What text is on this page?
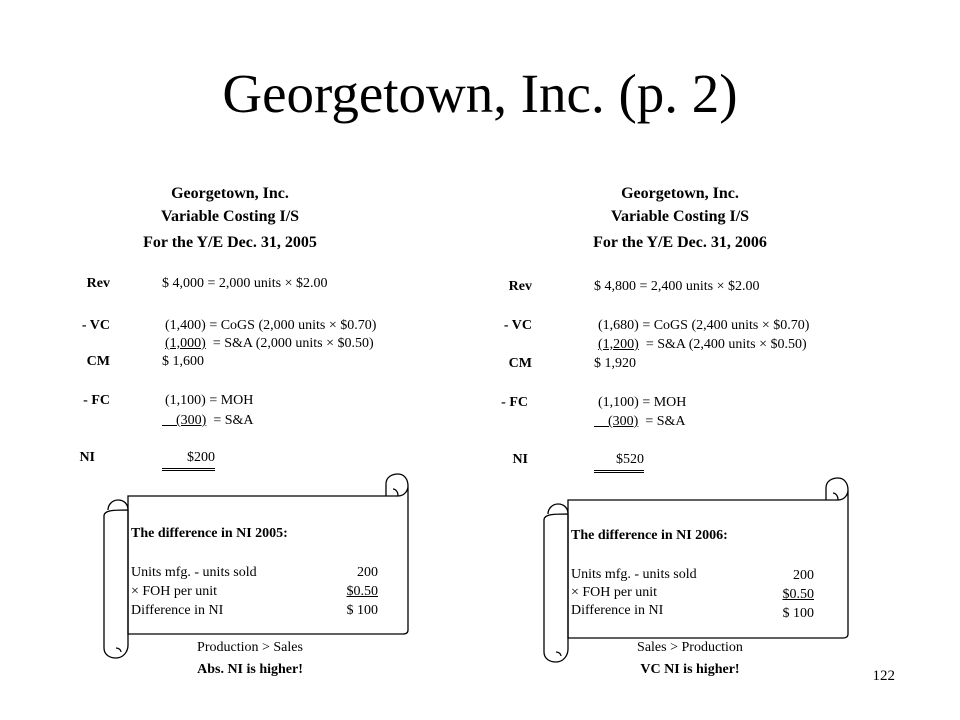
Georgetown, Inc. (p. 2)
Georgetown, Inc.
Variable Costing I/S
For the Y/E Dec. 31, 2005
Rev	$ 4,000 = 2,000 units × $2.00
- VC	(1,400) = CoGS (2,000 units × $0.70)
(1,000) = S&A (2,000 units × $0.50)
CM	$ 1,600
- FC	(1,100) = MOH
(300) = S&A
NI	$200
The difference in NI 2005:
Units mfg. - units sold	200
× FOH per unit	$0.50
Difference in NI	$ 100
Production > Sales
Abs. NI is higher!
Georgetown, Inc.
Variable Costing I/S
For the Y/E Dec. 31, 2006
Rev	$ 4,800 = 2,400 units × $2.00
- VC	(1,680) = CoGS (2,400 units × $0.70)
(1,200) = S&A (2,400 units × $0.50)
CM	$ 1,920
- FC	(1,100) = MOH
(300) = S&A
NI	$520
The difference in NI 2006:
Units mfg. - units sold	200
× FOH per unit	$0.50
Difference in NI	$ 100
Sales > Production
VC NI is higher!	122
